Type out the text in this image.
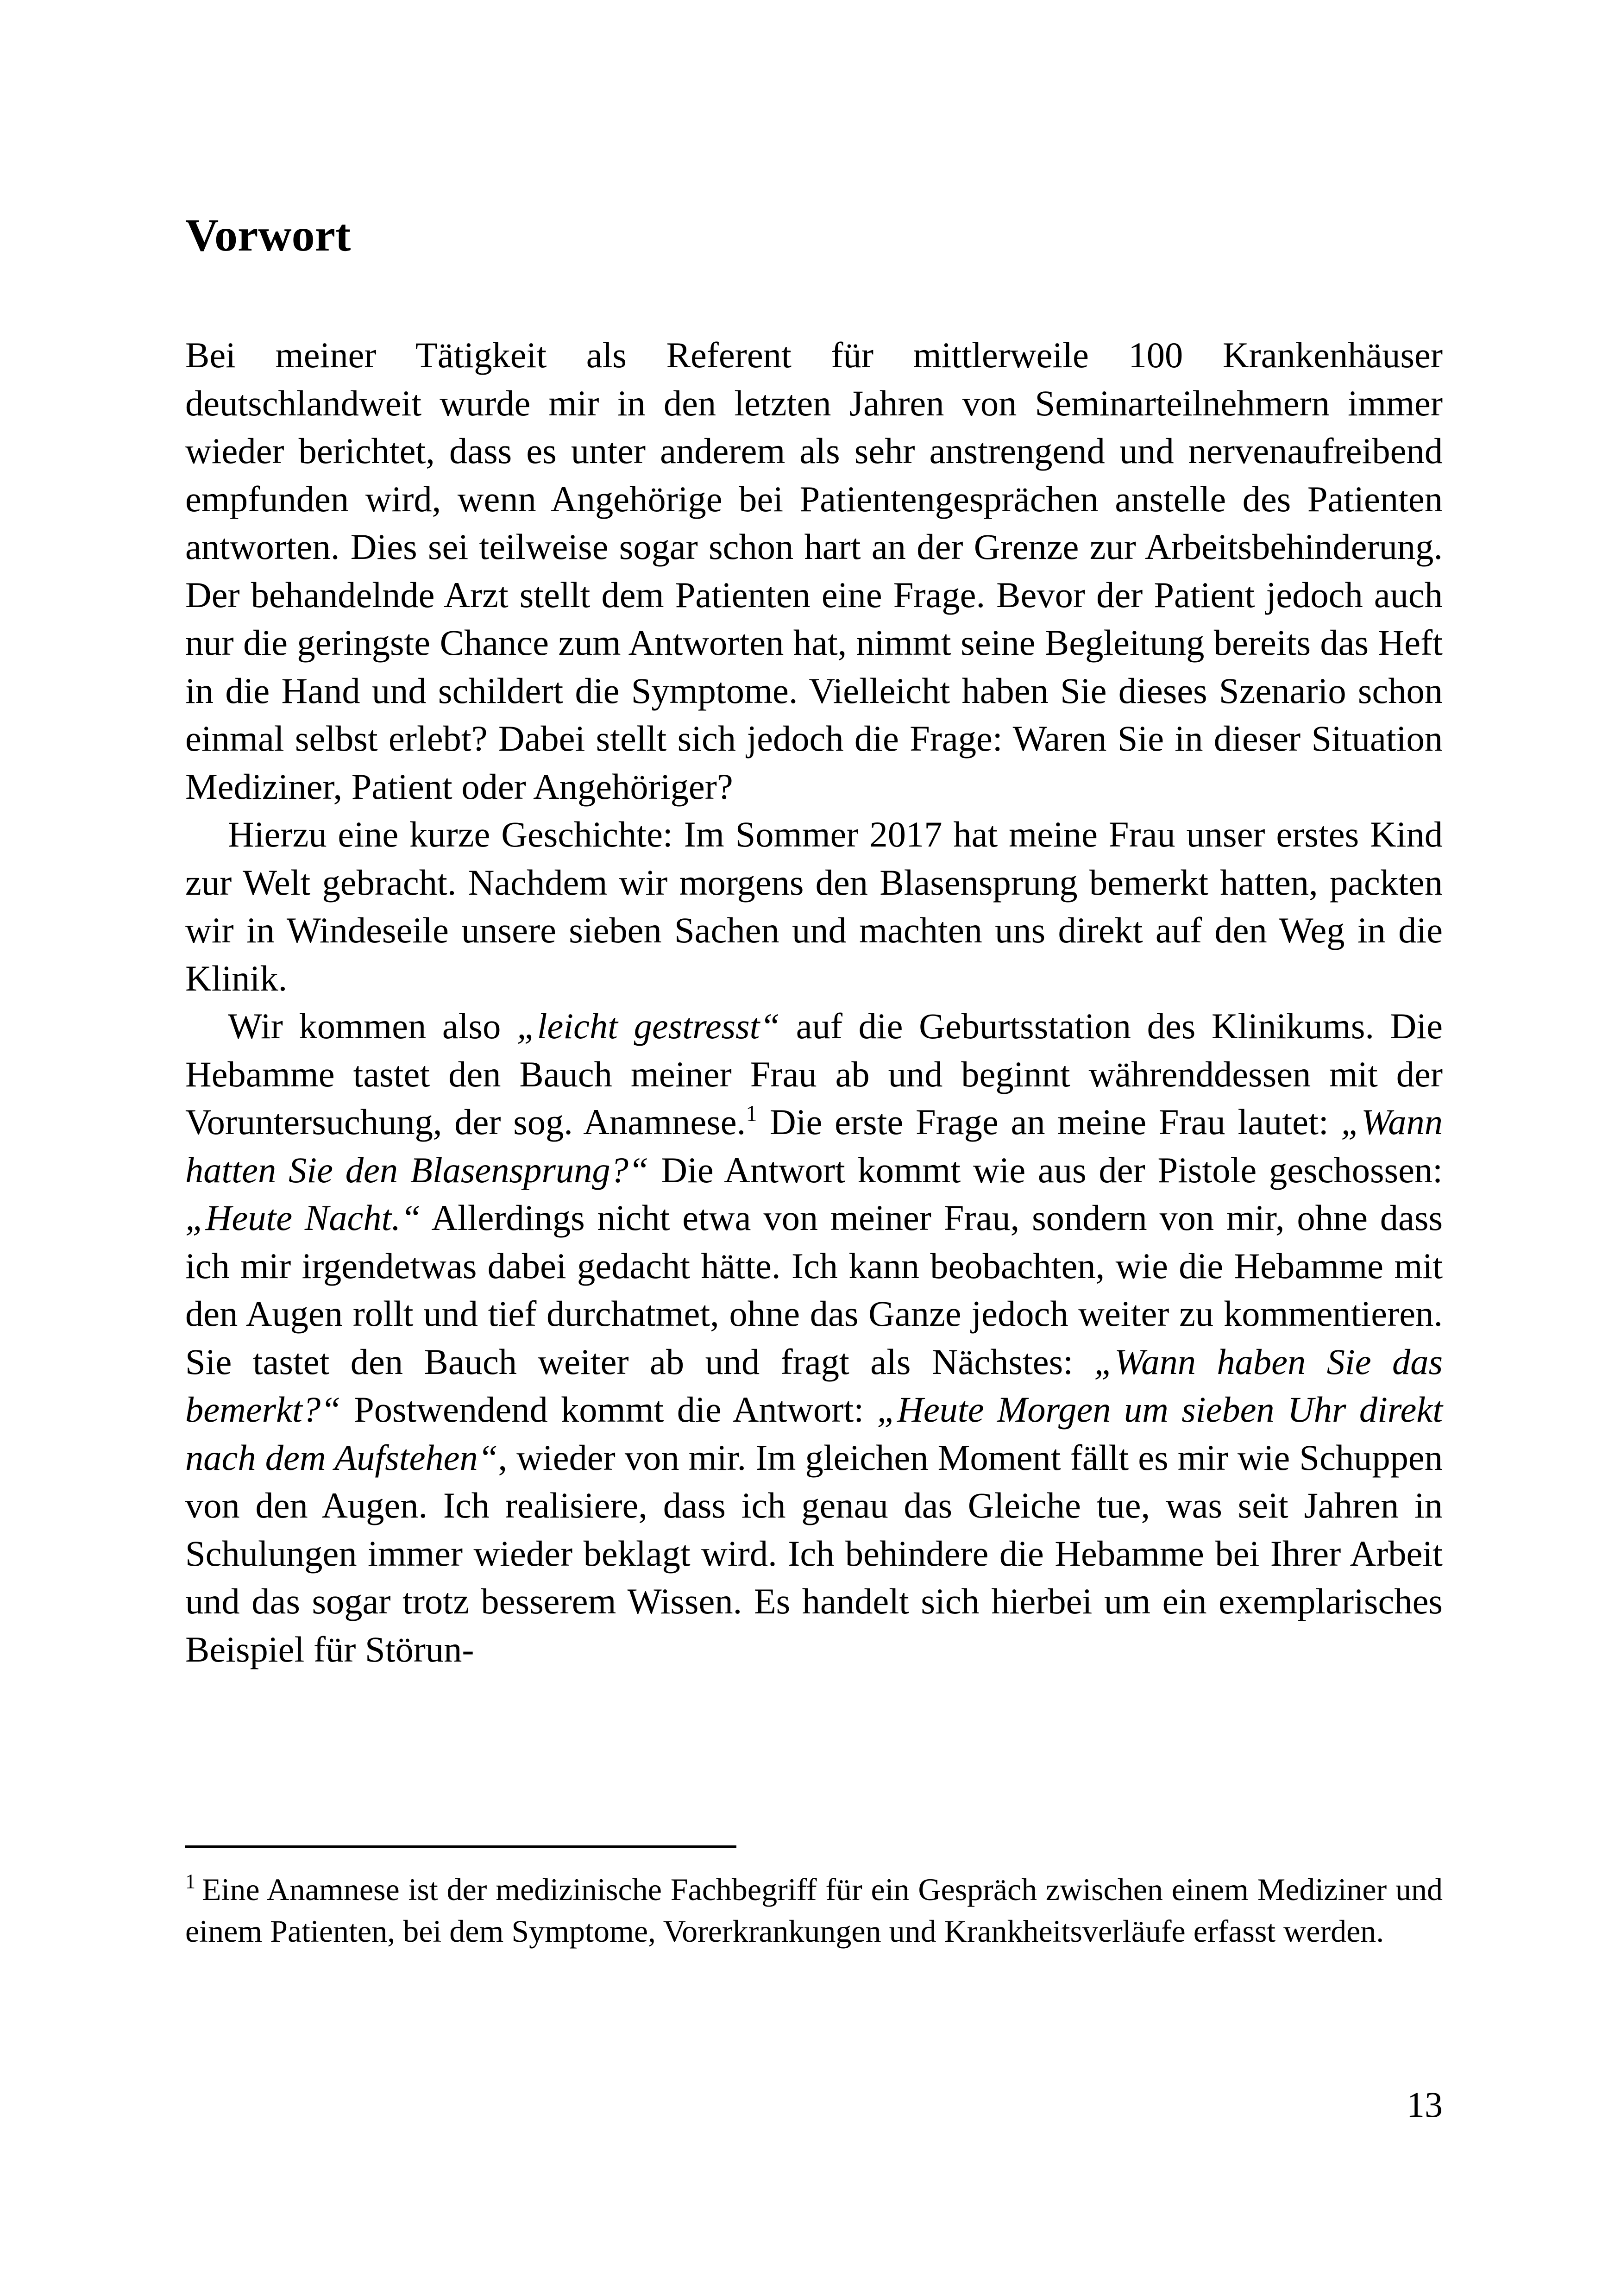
Vorwort

Bei meiner Tätigkeit als Referent für mittlerweile 100 Krankenhäuser deutschlandweit wurde mir in den letzten Jahren von Seminarteilnehmern immer wieder berichtet, dass es unter anderem als sehr anstrengend und nervenaufreibend empfunden wird, wenn Angehörige bei Patientengesprächen anstelle des Patienten antworten. Dies sei teilweise sogar schon hart an der Grenze zur Arbeitsbehinderung. Der behandelnde Arzt stellt dem Patienten eine Frage. Bevor der Patient jedoch auch nur die geringste Chance zum Antworten hat, nimmt seine Begleitung bereits das Heft in die Hand und schildert die Symptome. Vielleicht haben Sie dieses Szenario schon einmal selbst erlebt? Dabei stellt sich jedoch die Frage: Waren Sie in dieser Situation Mediziner, Patient oder Angehöriger?

Hierzu eine kurze Geschichte: Im Sommer 2017 hat meine Frau unser erstes Kind zur Welt gebracht. Nachdem wir morgens den Blasensprung bemerkt hatten, packten wir in Windeseile unsere sieben Sachen und machten uns direkt auf den Weg in die Klinik.

Wir kommen also „leicht gestresst“ auf die Geburtsstation des Klinikums. Die Hebamme tastet den Bauch meiner Frau ab und beginnt währenddessen mit der Voruntersuchung, der sog. Anamnese.$^1$ Die erste Frage an meine Frau lautet: „Wann hatten Sie den Blasensprung?“ Die Antwort kommt wie aus der Pistole geschossen: „Heute Nacht.“ Allerdings nicht etwa von meiner Frau, sondern von mir, ohne dass ich mir irgendetwas dabei gedacht hätte. Ich kann beobachten, wie die Hebamme mit den Augen rollt und tief durchatmet, ohne das Ganze jedoch weiter zu kommentieren. Sie tastet den Bauch weiter ab und fragt als Nächstes: „Wann haben Sie das bemerkt?“ Postwendend kommt die Antwort: „Heute Morgen um sieben Uhr direkt nach dem Aufstehen“, wieder von mir. Im gleichen Moment fällt es mir wie Schuppen von den Augen. Ich realisiere, dass ich genau das Gleiche tue, was seit Jahren in Schulungen immer wieder beklagt wird. Ich behindere die Hebamme bei Ihrer Arbeit und das sogar trotz besserem Wissen. Es handelt sich hierbei um ein exemplarisches Beispiel für Störun-

$^1$ Eine Anamnese ist der medizinische Fachbegriff für ein Gespräch zwischen einem Mediziner und einem Patienten, bei dem Symptome, Vorerkrankungen und Krankheitsverläufe erfasst werden.
13
